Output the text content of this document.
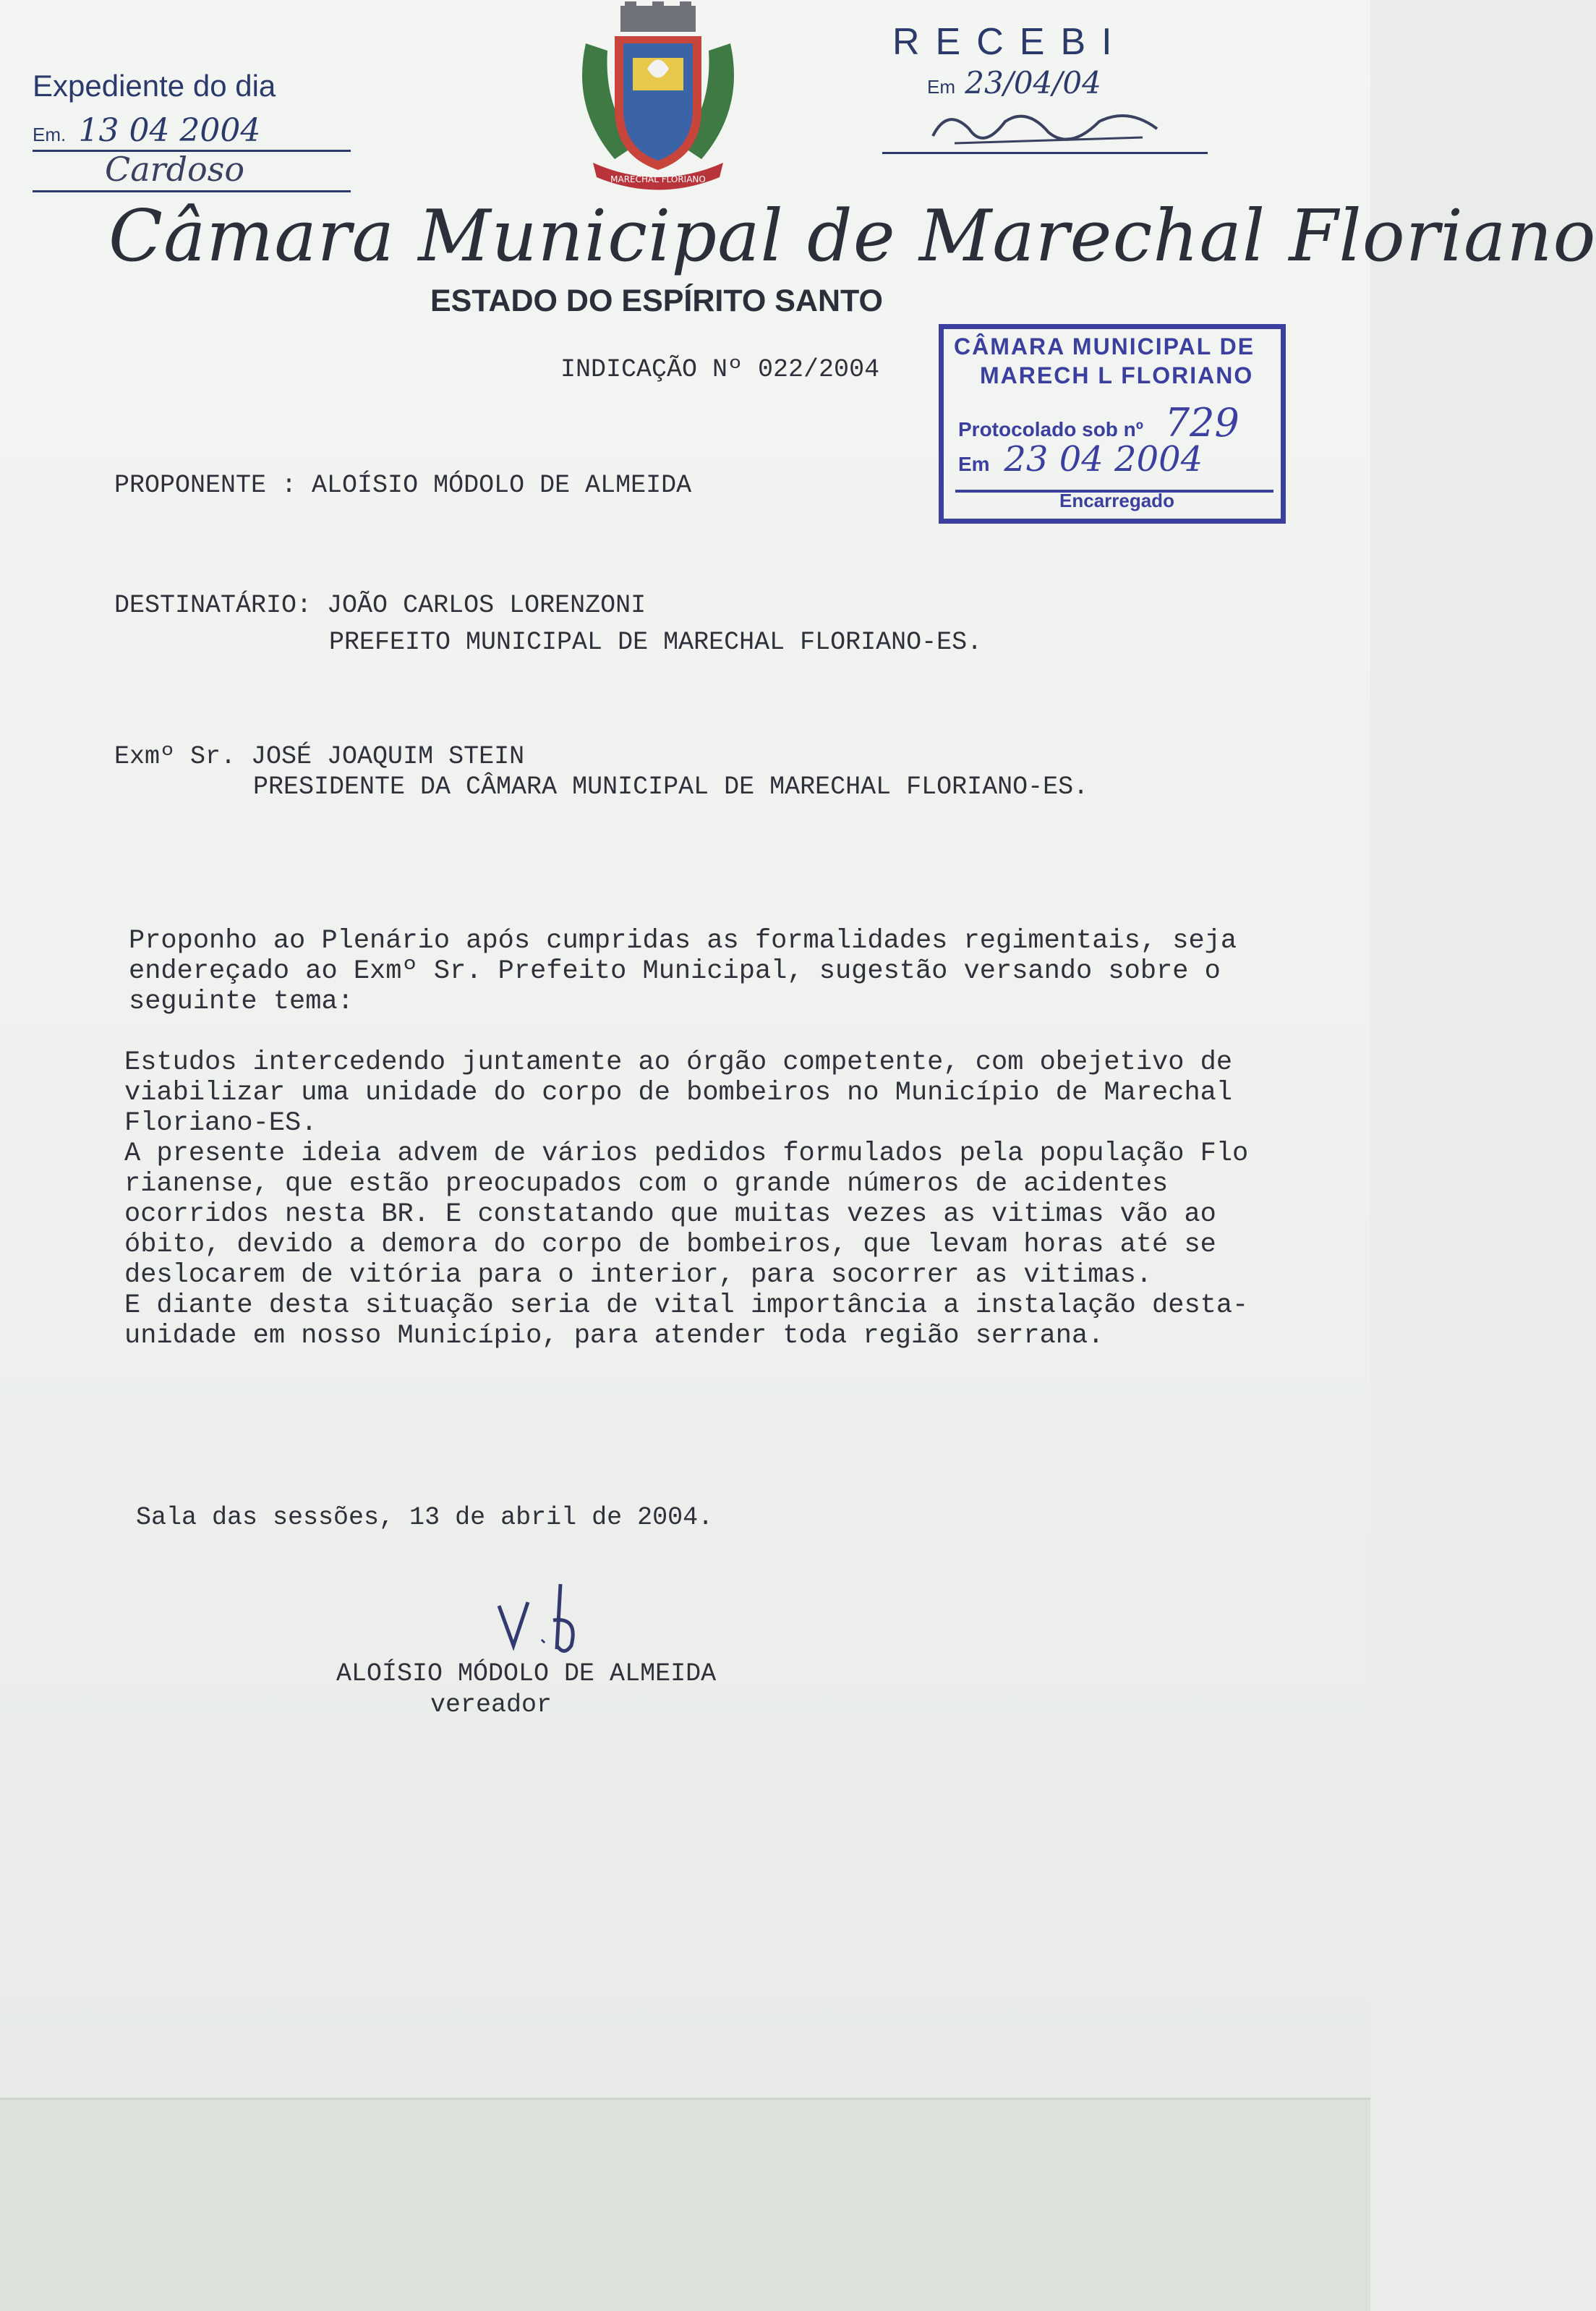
MARECHAL FLORIANO
Expediente do dia
Em. 13 04 2004
Cardoso
RECEBI
Em 23/04/04
Câmara Municipal de Marechal Floriano
ESTADO DO ESPÍRITO SANTO
CÂMARA MUNICIPAL DE
MARECH L FLORIANO
Protocolado sob nº 729
Em 23 04 2004
Encarregado
INDICAÇÃO Nº 022/2004
PROPONENTE : ALOÍSIO MÓDOLO DE ALMEIDA
DESTINATÁRIO: JOÃO CARLOS LORENZONI
PREFEITO MUNICIPAL DE MARECHAL FLORIANO-ES.
Exmº Sr. JOSÉ JOAQUIM STEIN
PRESIDENTE DA CÂMARA MUNICIPAL DE MARECHAL FLORIANO-ES.
Proponho ao Plenário após cumpridas as formalidades regimentais, seja
endereçado ao Exmº Sr. Prefeito Municipal, sugestão versando sobre o
seguinte tema:
Estudos intercedendo juntamente ao órgão competente, com obejetivo de
viabilizar uma unidade do corpo de bombeiros no Município de Marechal
Floriano-ES.
A presente ideia advem de vários pedidos formulados pela população Flo
rianense, que estão preocupados com o grande números de acidentes
ocorridos nesta BR. E constatando que muitas vezes as vitimas vão ao
óbito, devido a demora do corpo de bombeiros, que levam horas até se
deslocarem de vitória para o interior, para socorrer as vitimas.
E diante desta situação seria de vital importância a instalação desta-
unidade em nosso Município, para atender toda região serrana.
Sala das sessões, 13 de abril de 2004.
ALOÍSIO MÓDOLO DE ALMEIDA
vereador
